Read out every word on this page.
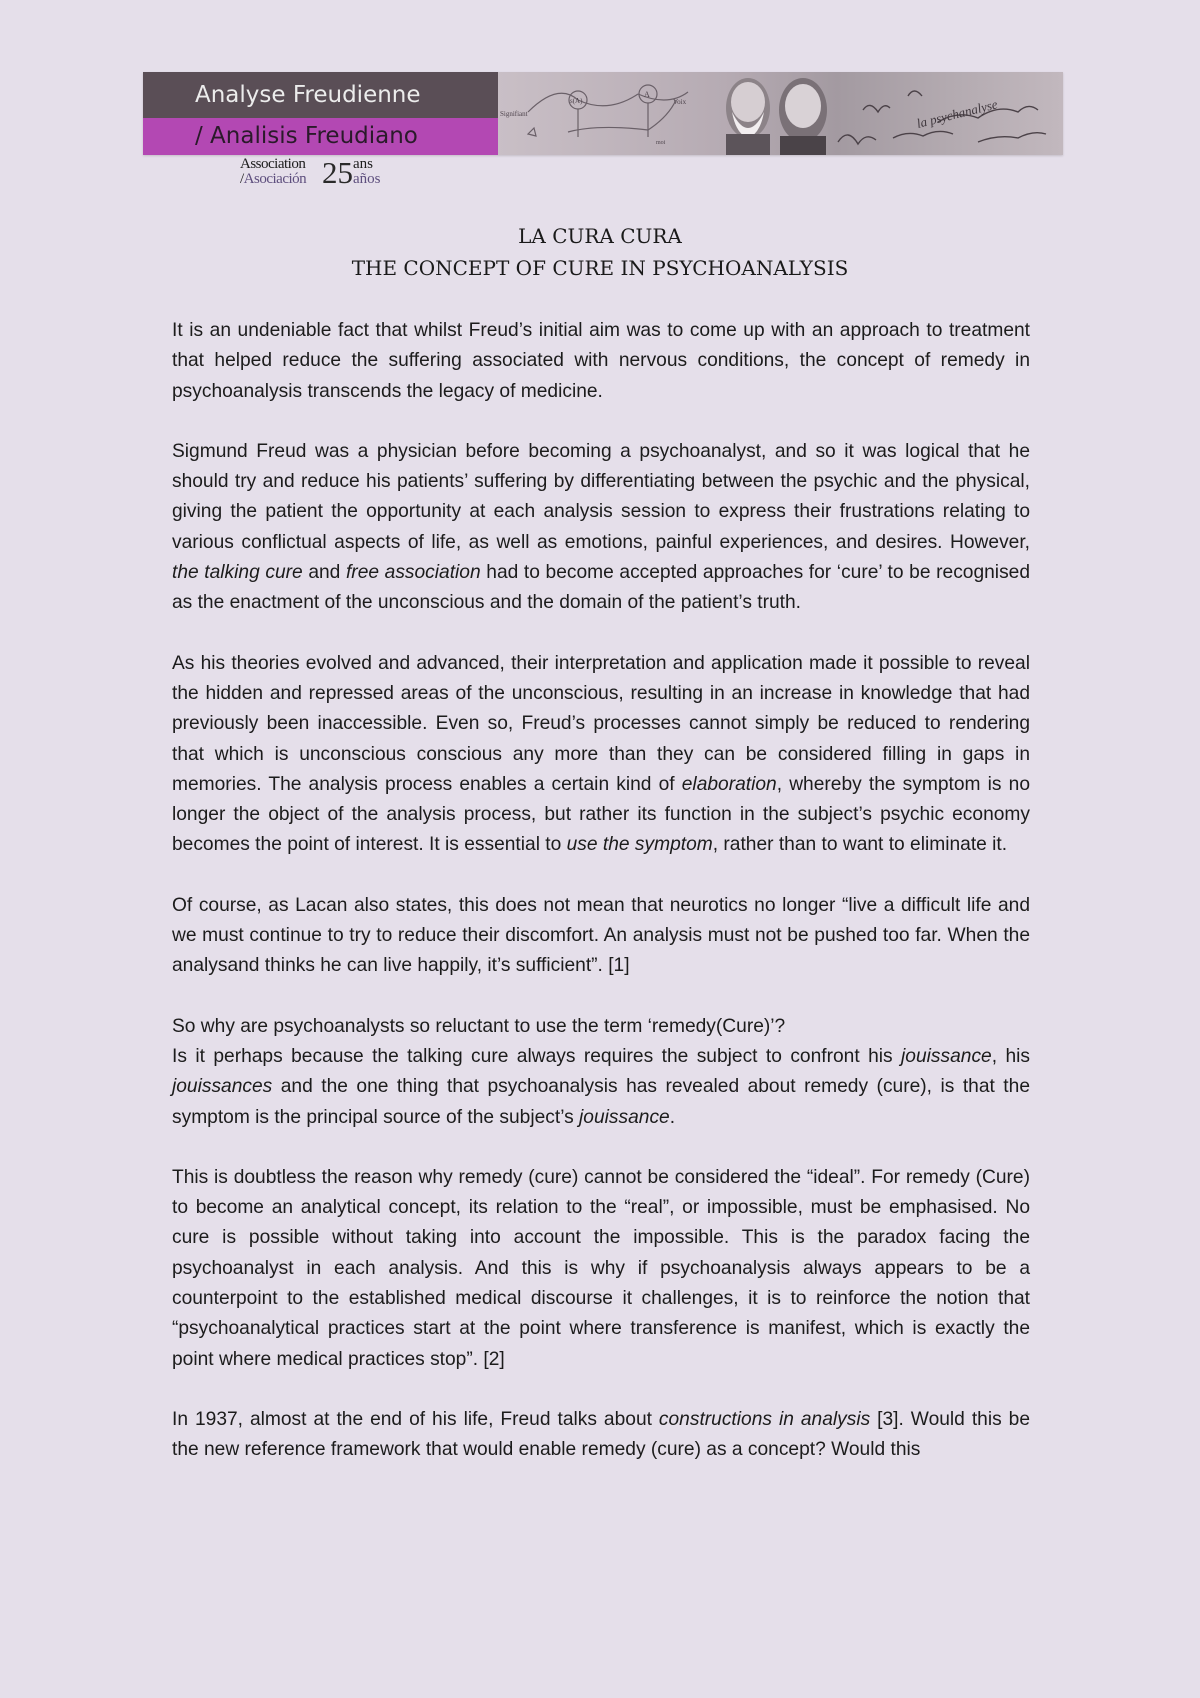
Analyse Freudienne
/ Analisis Freudiano
Signifiant
s(A)
A
Voix
moi
la psychanalyse
Association
/Asociación 25 ans
años
LA CURA CURA
THE CONCEPT OF CURE IN PSYCHOANALYSIS

It is an undeniable fact that whilst Freud’s initial aim was to come up with an approach to treatment that helped reduce the suffering associated with nervous conditions, the concept of remedy in psychoanalysis transcends the legacy of medicine.

Sigmund Freud was a physician before becoming a psychoanalyst, and so it was logical that he should try and reduce his patients’ suffering by differentiating between the psychic and the physical, giving the patient the opportunity at each analysis session to express their frustrations relating to various conflictual aspects of life, as well as emotions, painful experiences, and desires. However, the talking cure and free association had to become accepted approaches for ‘cure’ to be recognised as the enactment of the unconscious and the domain of the patient’s truth.

As his theories evolved and advanced, their interpretation and application made it possible to reveal the hidden and repressed areas of the unconscious, resulting in an increase in knowledge that had previously been inaccessible. Even so, Freud’s processes cannot simply be reduced to rendering that which is unconscious conscious any more than they can be considered filling in gaps in memories. The analysis process enables a certain kind of elaboration, whereby the symptom is no longer the object of the analysis process, but rather its function in the subject’s psychic economy becomes the point of interest. It is essential to use the symptom, rather than to want to eliminate it.

Of course, as Lacan also states, this does not mean that neurotics no longer “live a difficult life and we must continue to try to reduce their discomfort. An analysis must not be pushed too far. When the analysand thinks he can live happily, it’s sufficient”. [1]

So why are psychoanalysts so reluctant to use the term ‘remedy(Cure)’?

Is it perhaps because the talking cure always requires the subject to confront his jouissance, his jouissances and the one thing that psychoanalysis has revealed about remedy (cure), is that the symptom is the principal source of the subject’s jouissance.

This is doubtless the reason why remedy (cure) cannot be considered the “ideal”. For remedy (Cure) to become an analytical concept, its relation to the “real”, or impossible, must be emphasised. No cure is possible without taking into account the impossible. This is the paradox facing the psychoanalyst in each analysis. And this is why if psychoanalysis always appears to be a counterpoint to the established medical discourse it challenges, it is to reinforce the notion that “psychoanalytical practices start at the point where transference is manifest, which is exactly the point where medical practices stop”. [2]

In 1937, almost at the end of his life, Freud talks about constructions in analysis [3]. Would this be the new reference framework that would enable remedy (cure) as a concept? Would this
